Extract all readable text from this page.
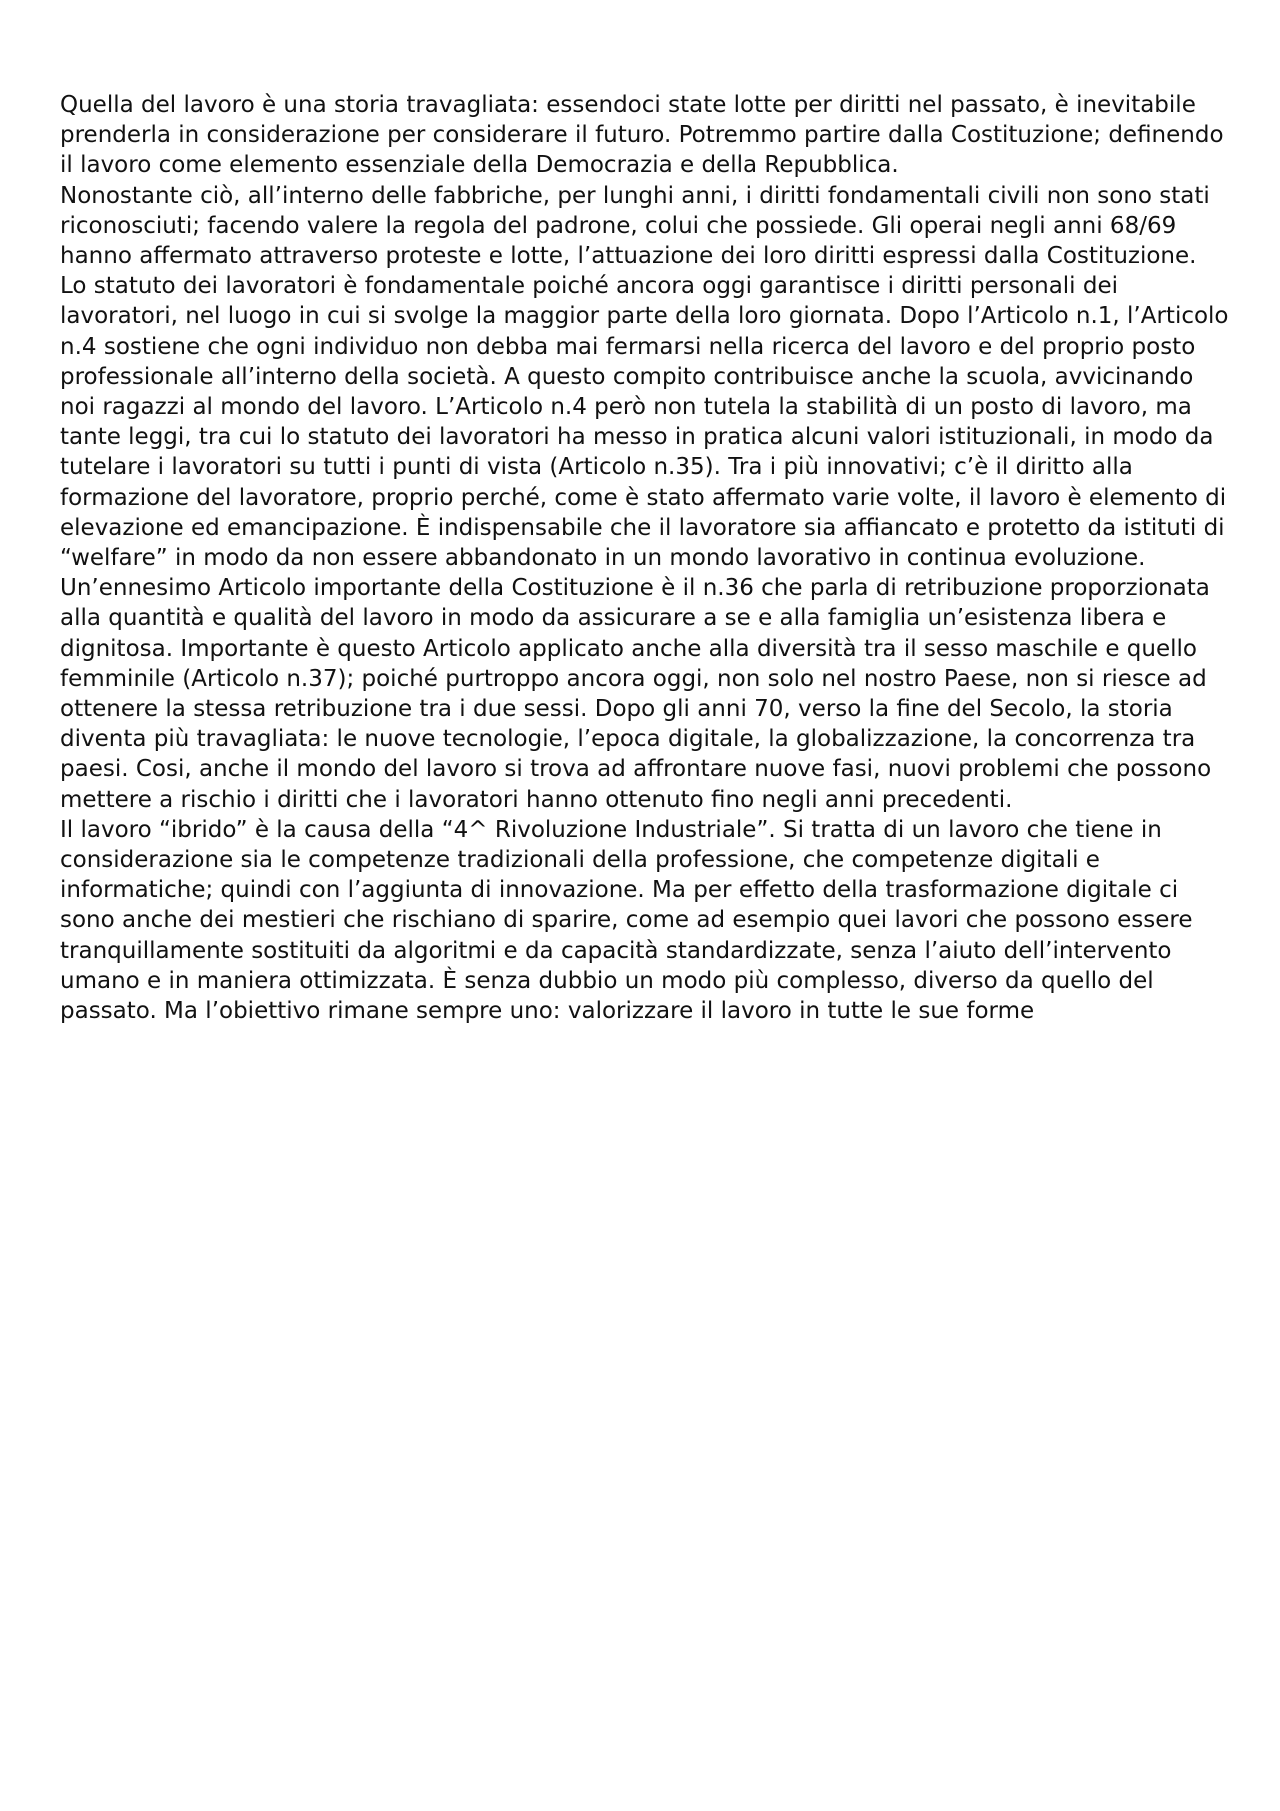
Quella del lavoro è una storia travagliata: essendoci state lotte per diritti nel passato, è inevitabile prenderla in considerazione per considerare il futuro. Potremmo partire dalla Costituzione; definendo il lavoro come elemento essenziale della Democrazia e della Repubblica.

Nonostante ciò, all’interno delle fabbriche, per lunghi anni, i diritti fondamentali civili non sono stati riconosciuti; facendo valere la regola del padrone, colui che possiede. Gli operai negli anni 68/69 hanno affermato attraverso proteste e lotte, l’attuazione dei loro diritti espressi dalla Costituzione. Lo statuto dei lavoratori è fondamentale poiché ancora oggi garantisce i diritti personali dei lavoratori, nel luogo in cui si svolge la maggior parte della loro giornata. Dopo l’Articolo n.1, l’Articolo n.4 sostiene che ogni individuo non debba mai fermarsi nella ricerca del lavoro e del proprio posto professionale all’interno della società. A questo compito contribuisce anche la scuola, avvicinando noi ragazzi al mondo del lavoro. L’Articolo n.4 però non tutela la stabilità di un posto di lavoro, ma tante leggi, tra cui lo statuto dei lavoratori ha messo in pratica alcuni valori istituzionali, in modo da tutelare i lavoratori su tutti i punti di vista (Articolo n.35). Tra i più innovativi; c’è il diritto alla formazione del lavoratore, proprio perché, come è stato affermato varie volte, il lavoro è elemento di elevazione ed emancipazione. È indispensabile che il lavoratore sia affiancato e protetto da istituti di “welfare” in modo da non essere abbandonato in un mondo lavorativo in continua evoluzione. Un’ennesimo Articolo importante della Costituzione è il n.36 che parla di retribuzione proporzionata alla quantità e qualità del lavoro in modo da assicurare a se e alla famiglia un’esistenza libera e dignitosa. Importante è questo Articolo applicato anche alla diversità tra il sesso maschile e quello femminile (Articolo n.37); poiché purtroppo ancora oggi, non solo nel nostro Paese, non si riesce ad ottenere la stessa retribuzione tra i due sessi. Dopo gli anni 70, verso la fine del Secolo, la storia diventa più travagliata: le nuove tecnologie, l’epoca digitale, la globalizzazione, la concorrenza tra paesi. Cosi, anche il mondo del lavoro si trova ad affrontare nuove fasi, nuovi problemi che possono mettere a rischio i diritti che i lavoratori hanno ottenuto fino negli anni precedenti.

Il lavoro “ibrido” è la causa della “4^ Rivoluzione Industriale”. Si tratta di un lavoro che tiene in considerazione sia le competenze tradizionali della professione, che competenze digitali e informatiche; quindi con l’aggiunta di innovazione. Ma per effetto della trasformazione digitale ci sono anche dei mestieri che rischiano di sparire, come ad esempio quei lavori che possono essere tranquillamente sostituiti da algoritmi e da capacità standardizzate, senza l’aiuto dell’intervento umano e in maniera ottimizzata. È senza dubbio un modo più complesso, diverso da quello del passato. Ma l’obiettivo rimane sempre uno: valorizzare il lavoro in tutte le sue forme
